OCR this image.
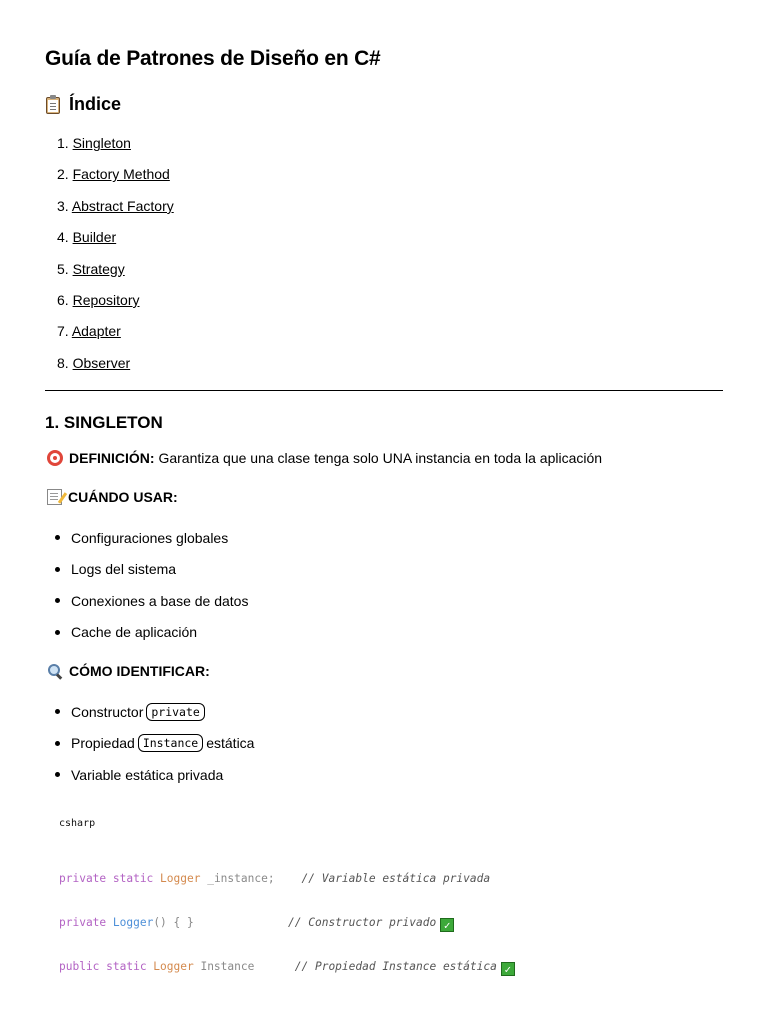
Guía de Patrones de Diseño en C#
Índice
1. Singleton
2. Factory Method
3. Abstract Factory
4. Builder
5. Strategy
6. Repository
7. Adapter
8. Observer
1. SINGLETON
DEFINICIÓN: Garantiza que una clase tenga solo UNA instancia en toda la aplicación
CUÁNDO USAR:
Configuraciones globales
Logs del sistema
Conexiones a base de datos
Cache de aplicación
CÓMO IDENTIFICAR:
Constructor private
Propiedad Instance estática
Variable estática privada
csharp

private static Logger _instance; // Variable estática privada

private Logger() { }	// Constructor privado ✓

public static Logger Instance	// Propiedad Instance estática ✓
